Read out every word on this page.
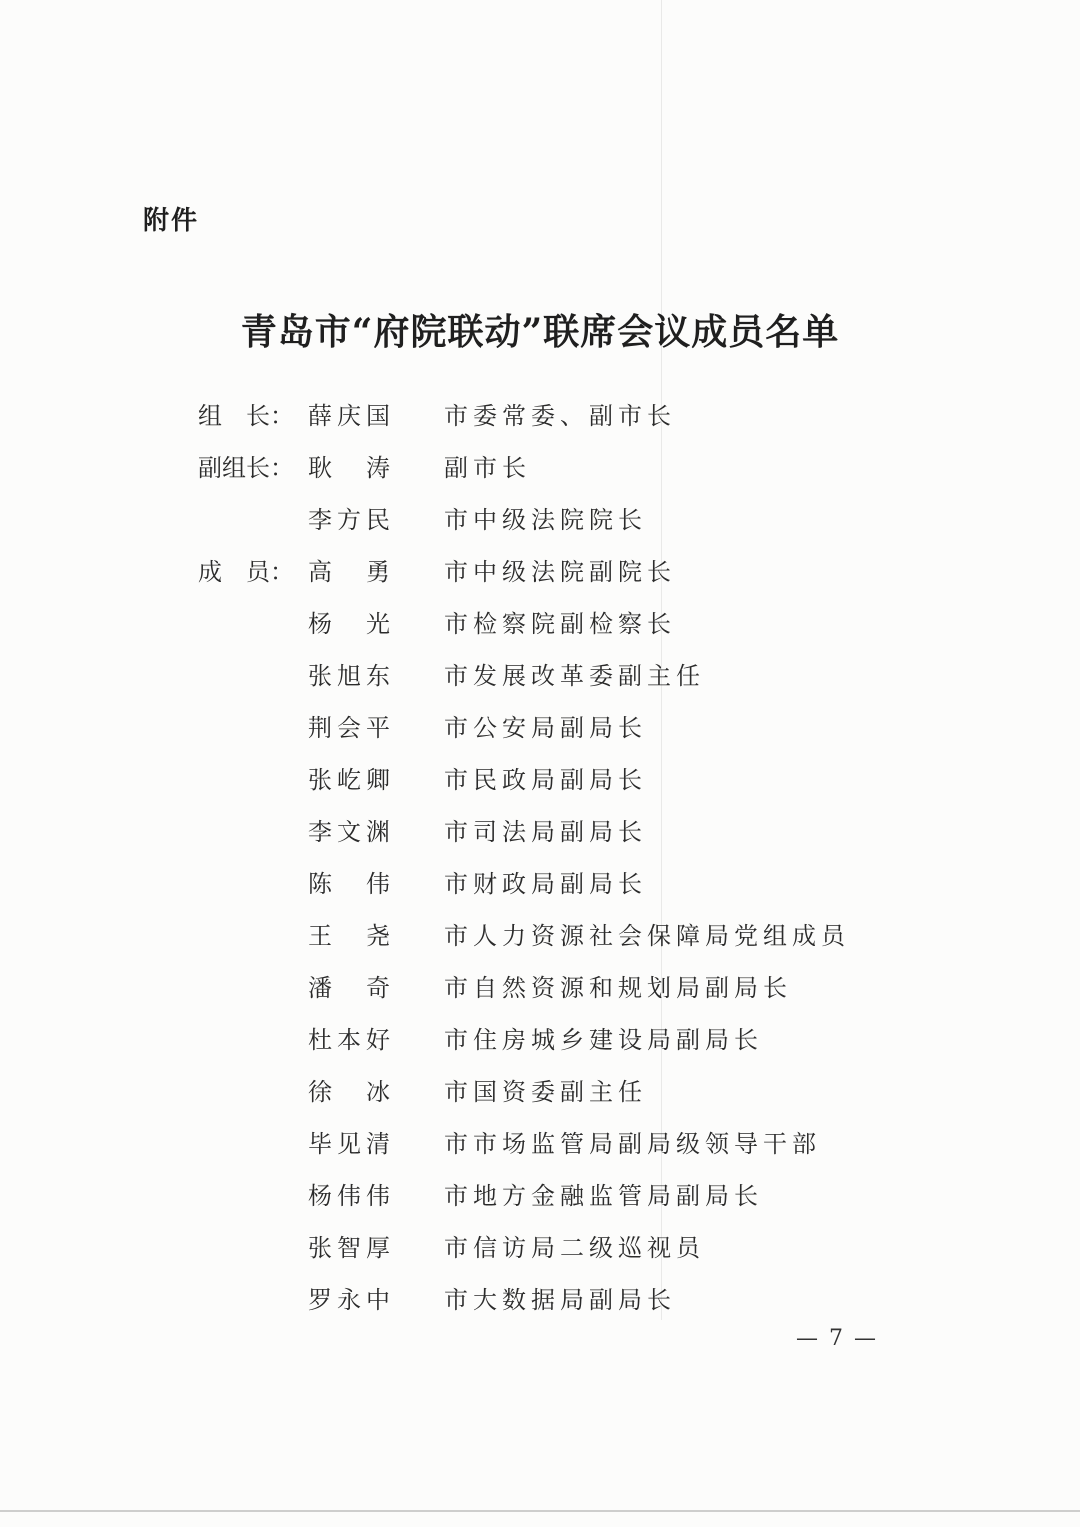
附件
青岛市“府院联动”联席会议成员名单
组　长： 薛庆国	市委常委、副市长
副组长： 耿　涛	副市长
李方民	市中级法院院长
成　员： 高　勇	市中级法院副院长
杨　光	市检察院副检察长
张旭东	市发展改革委副主任
荆会平	市公安局副局长
张屹卿	市民政局副局长
李文渊	市司法局副局长
陈　伟	市财政局副局长
王　尧	市人力资源社会保障局党组成员
潘　奇	市自然资源和规划局副局长
杜本好	市住房城乡建设局副局长
徐　冰	市国资委副主任
毕见清	市市场监管局副局级领导干部
杨伟伟	市地方金融监管局副局长
张智厚	市信访局二级巡视员
罗永中	市大数据局副局长
— 7 —
